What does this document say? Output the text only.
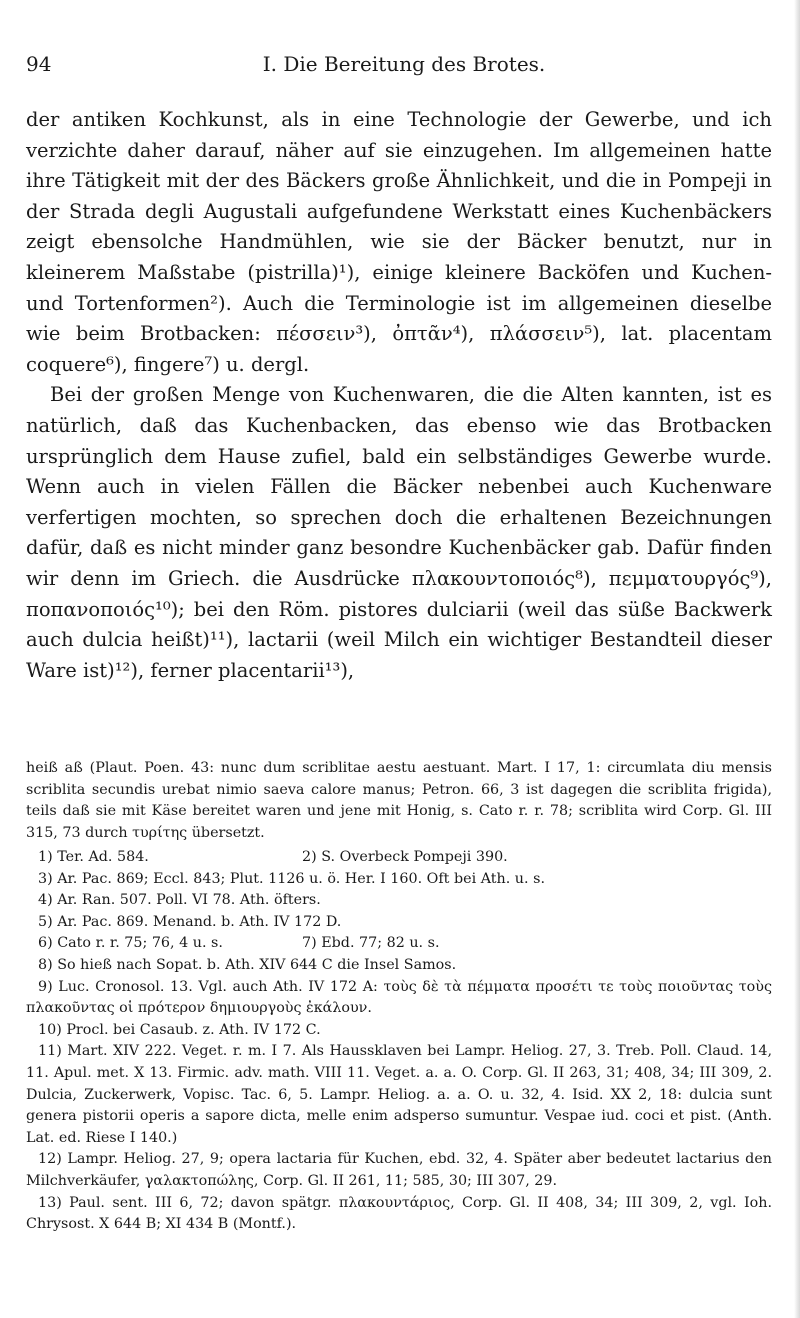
94	I. Die Bereitung des Brotes.

der antiken Kochkunst, als in eine Technologie der Gewerbe, und ich verzichte daher darauf, näher auf sie einzugehen. Im allgemeinen hatte ihre Tätigkeit mit der des Bäckers große Ähnlichkeit, und die in Pompeji in der Strada degli Augustali aufgefundene Werkstatt eines Kuchenbäckers zeigt ebensolche Handmühlen, wie sie der Bäcker benutzt, nur in kleinerem Maßstabe (pistrilla)¹), einige kleinere Backöfen und Kuchen- und Tortenformen²). Auch die Terminologie ist im allgemeinen dieselbe wie beim Brotbacken: πέσσειν³), ὀπτᾶν⁴), πλάσσειν⁵), lat. placentam coquere⁶), fingere⁷) u. dergl.

Bei der großen Menge von Kuchenwaren, die die Alten kannten, ist es natürlich, daß das Kuchenbacken, das ebenso wie das Brotbacken ursprünglich dem Hause zufiel, bald ein selbständiges Gewerbe wurde. Wenn auch in vielen Fällen die Bäcker nebenbei auch Kuchenware verfertigen mochten, so sprechen doch die erhaltenen Bezeichnungen dafür, daß es nicht minder ganz besondre Kuchenbäcker gab. Dafür finden wir denn im Griech. die Ausdrücke πλακουντοποιός⁸), πεμματουργός⁹), ποπανοποιός¹⁰); bei den Röm. pistores dulciarii (weil das süße Backwerk auch dulcia heißt)¹¹), lactarii (weil Milch ein wichtiger Bestandteil dieser Ware ist)¹²), ferner placentarii¹³),

heiß aß (Plaut. Poen. 43: nunc dum scriblitae aestu aestuant. Mart. I 17, 1: circumlata diu mensis scriblita secundis urebat nimio saeva calore manus; Petron. 66, 3 ist dagegen die scriblita frigida), teils daß sie mit Käse bereitet waren und jene mit Honig, s. Cato r. r. 78; scriblita wird Corp. Gl. III 315, 73 durch τυρίτης übersetzt.

1) Ter. Ad. 584.	2) S. Overbeck Pompeji 390.

3) Ar. Pac. 869; Eccl. 843; Plut. 1126 u. ö. Her. I 160. Oft bei Ath. u. s.

4) Ar. Ran. 507. Poll. VI 78. Ath. öfters.

5) Ar. Pac. 869. Menand. b. Ath. IV 172 D.

6) Cato r. r. 75; 76, 4 u. s.	7) Ebd. 77; 82 u. s.

8) So hieß nach Sopat. b. Ath. XIV 644 C die Insel Samos.

9) Luc. Cronosol. 13. Vgl. auch Ath. IV 172 A: τοὺς δὲ τὰ πέμματα προσέτι τε τοὺς ποιοῦντας τοὺς πλακοῦντας οἱ πρότερον δημιουργοὺς ἐκάλουν.

10) Procl. bei Casaub. z. Ath. IV 172 C.

11) Mart. XIV 222. Veget. r. m. I 7. Als Haussklaven bei Lampr. Heliog. 27, 3. Treb. Poll. Claud. 14, 11. Apul. met. X 13. Firmic. adv. math. VIII 11. Veget. a. a. O. Corp. Gl. II 263, 31; 408, 34; III 309, 2. Dulcia, Zuckerwerk, Vopisc. Tac. 6, 5. Lampr. Heliog. a. a. O. u. 32, 4. Isid. XX 2, 18: dulcia sunt genera pistorii operis a sapore dicta, melle enim adsperso sumuntur. Vespae iud. coci et pist. (Anth. Lat. ed. Riese I 140.)

12) Lampr. Heliog. 27, 9; opera lactaria für Kuchen, ebd. 32, 4. Später aber bedeutet lactarius den Milchverkäufer, γαλακτοπώλης, Corp. Gl. II 261, 11; 585, 30; III 307, 29.

13) Paul. sent. III 6, 72; davon spätgr. πλακουντάριος, Corp. Gl. II 408, 34; III 309, 2, vgl. Ioh. Chrysost. X 644 B; XI 434 B (Montf.).
